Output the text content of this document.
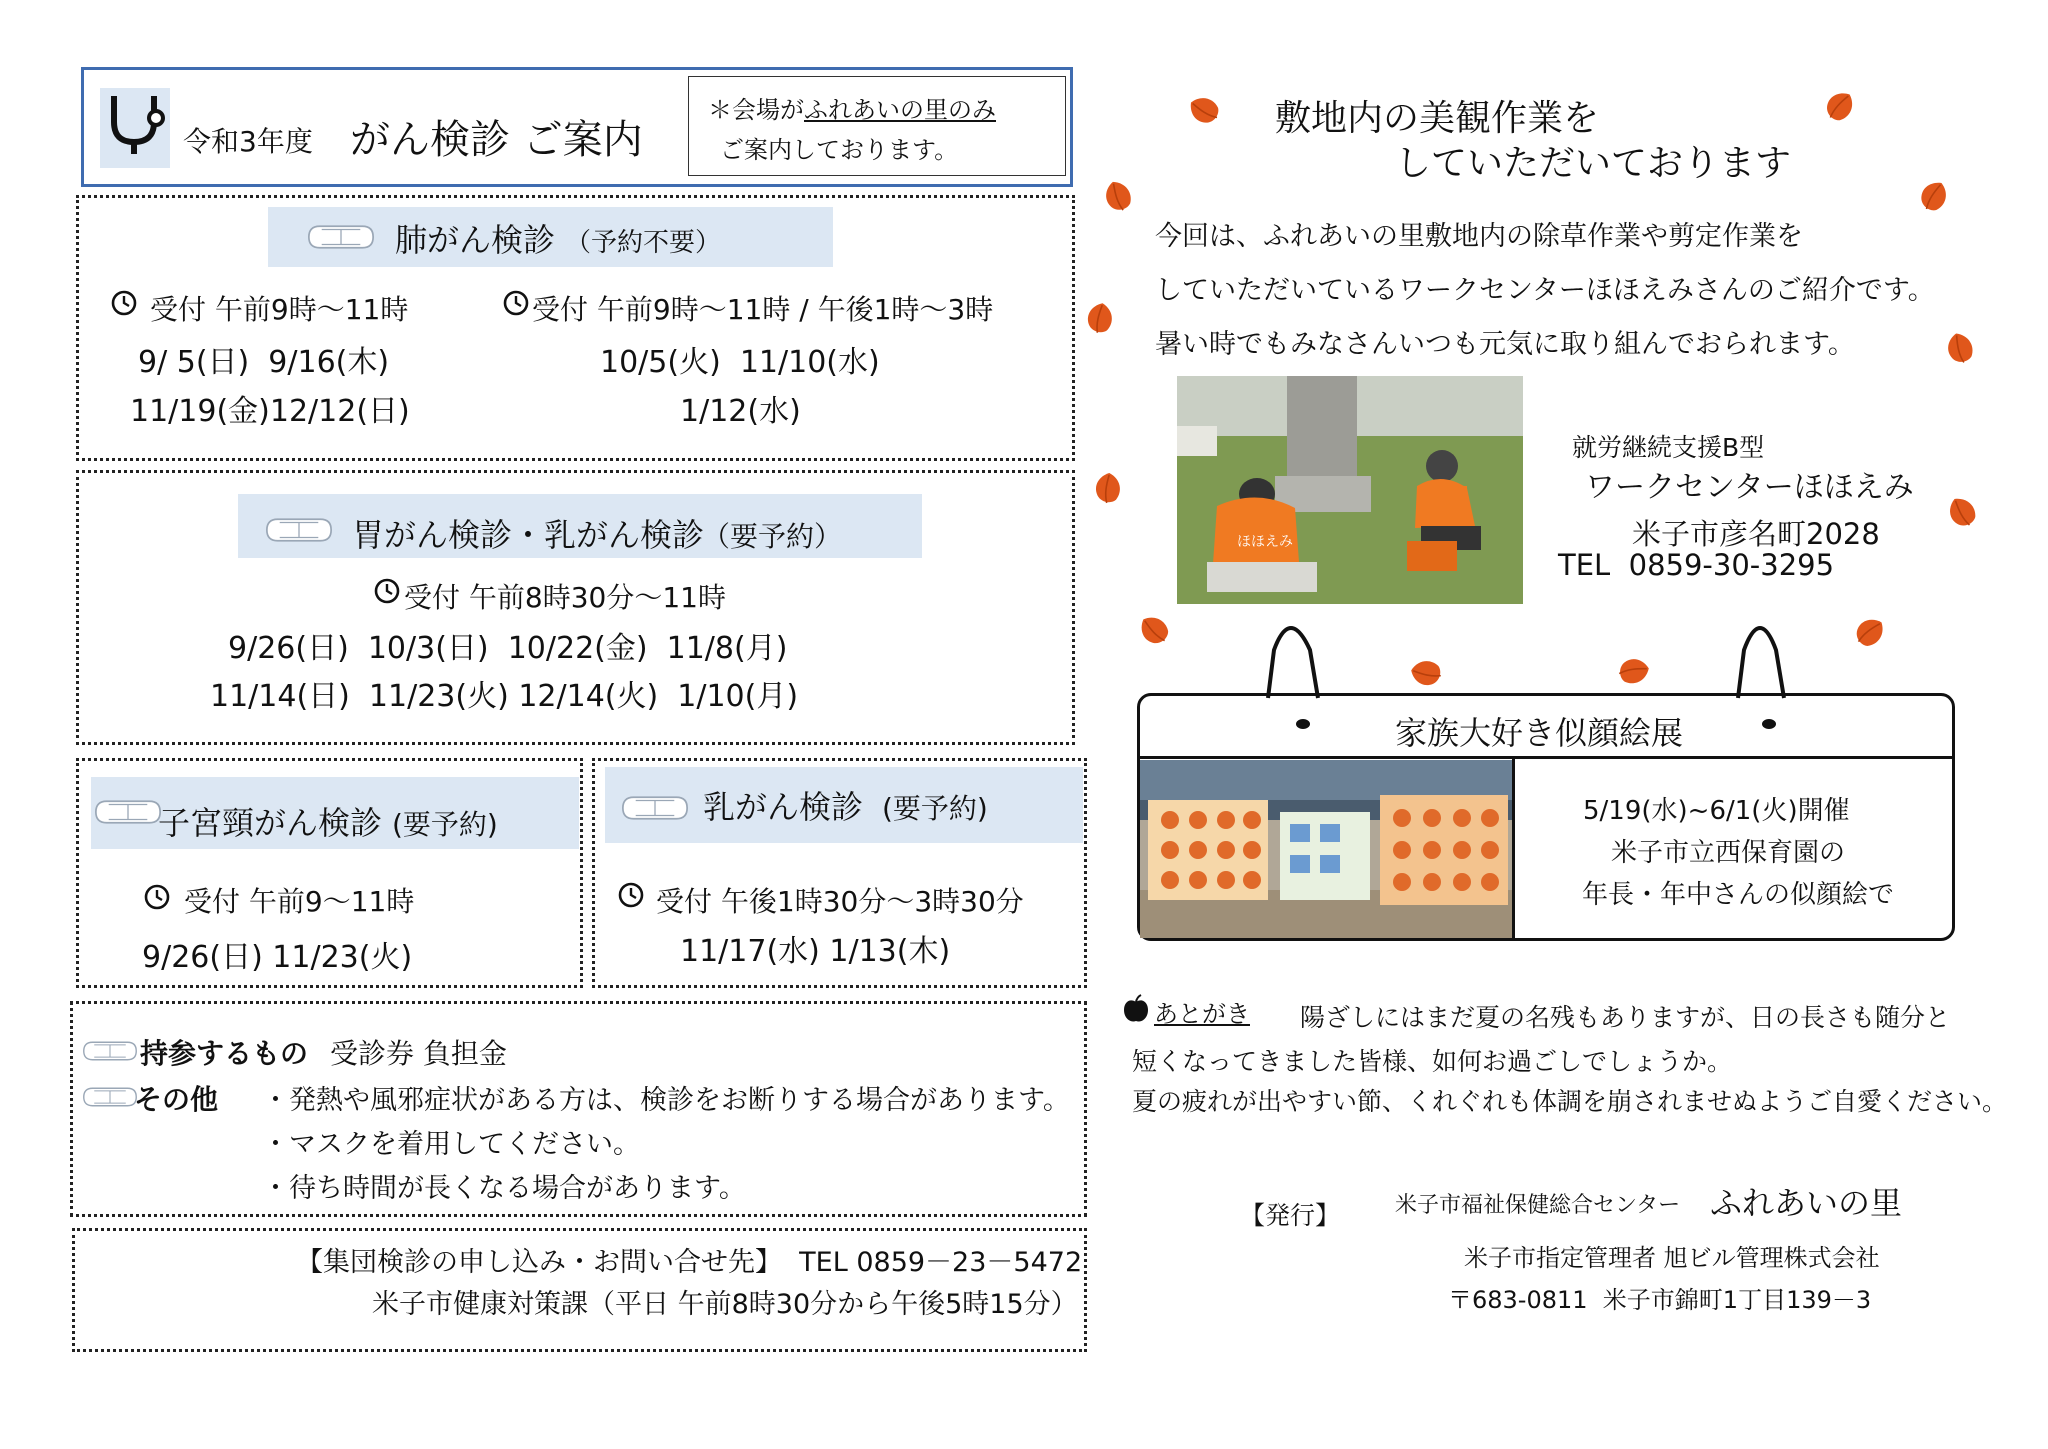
令和3年度 がん検診 ご案内
＊会場がふれあいの里のみ
ご案内しております。
肺がん検診 （予約不要）
受付 午前9時～11時	受付 午前9時～11時 / 午後1時～3時
9/ 5(日)  9/16(木)
11/19(金)12/12(日)
10/5(火)  11/10(水)
1/12(水)
胃がん検診・乳がん検診
（要予約）
受付 午前8時30分～11時
9/26(日)  10/3(日)  10/22(金)  11/8(月)
11/14(日)  11/23(火) 12/14(火)  1/10(月)
子宮頸がん検診 (要予約)
受付 午前9～11時
9/26(日) 11/23(火)
乳がん検診 (要予約)
受付 午後1時30分～3時30分
11/17(水) 1/13(木)
持参するもの 受診券 負担金
その他 ・発熱や風邪症状がある方は、検診をお断りする場合があります。
・マスクを着用してください。
・待ち時間が長くなる場合があります。
【集団検診の申し込み・お問い合せ先】  TEL 0859－23－5472
米子市健康対策課（平日 午前8時30分から午後5時15分）
敷地内の美観作業を
していただいております
今回は、ふれあいの里敷地内の除草作業や剪定作業を
していただいているワークセンターほほえみさんのご紹介です。
暑い時でもみなさんいつも元気に取り組んでおられます。
ほほえみ
就労継続支援B型
ワークセンターほほえみ
米子市彦名町2028
TEL  0859-30-3295
家族大好き似顔絵展
5/19(水)~6/1(火)開催
米子市立西保育園の
年長・年中さんの似顔絵で
あとがき 陽ざしにはまだ夏の名残もありますが、日の長さも随分と
短くなってきました皆様、如何お過ごしでしょうか。
夏の疲れが出やすい節、くれぐれも体調を崩されませぬようご自愛ください。
【発行】 米子市福祉保健総合センター ふれあいの里
米子市指定管理者 旭ビル管理株式会社
〒683-0811  米子市錦町1丁目139－3
